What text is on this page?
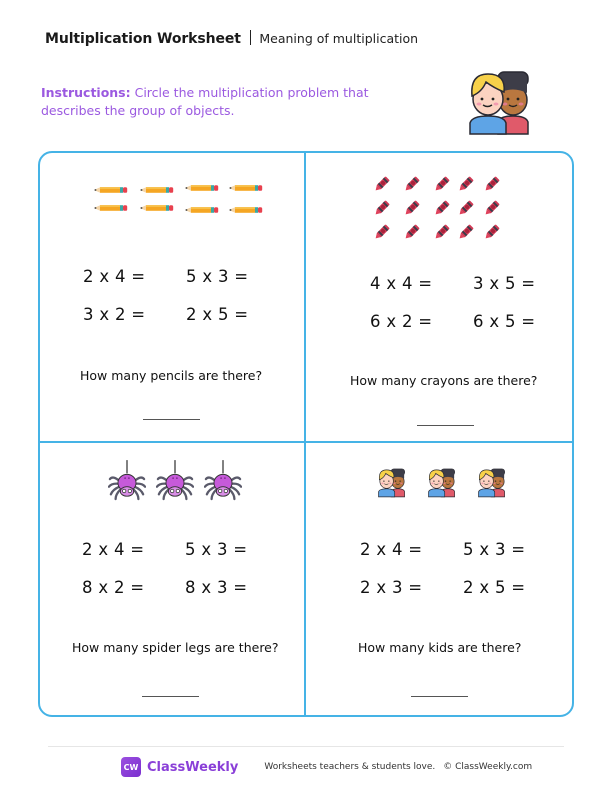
Multiplication Worksheet Meaning of multiplication
Instructions: Circle the multiplication problem that describes the group of objects.
2 x 4 = 5 x 3 =
3 x 2 = 2 x 5 =
How many pencils are there?
4 x 4 = 3 x 5 =
6 x 2 = 6 x 5 =
How many crayons are there?
2 x 4 = 5 x 3 =
8 x 2 = 8 x 3 =
How many spider legs are there?
2 x 4 = 5 x 3 =
2 x 3 = 2 x 5 =
How many kids are there?
CW ClassWeekly	Worksheets teachers & students love. © ClassWeekly.com
